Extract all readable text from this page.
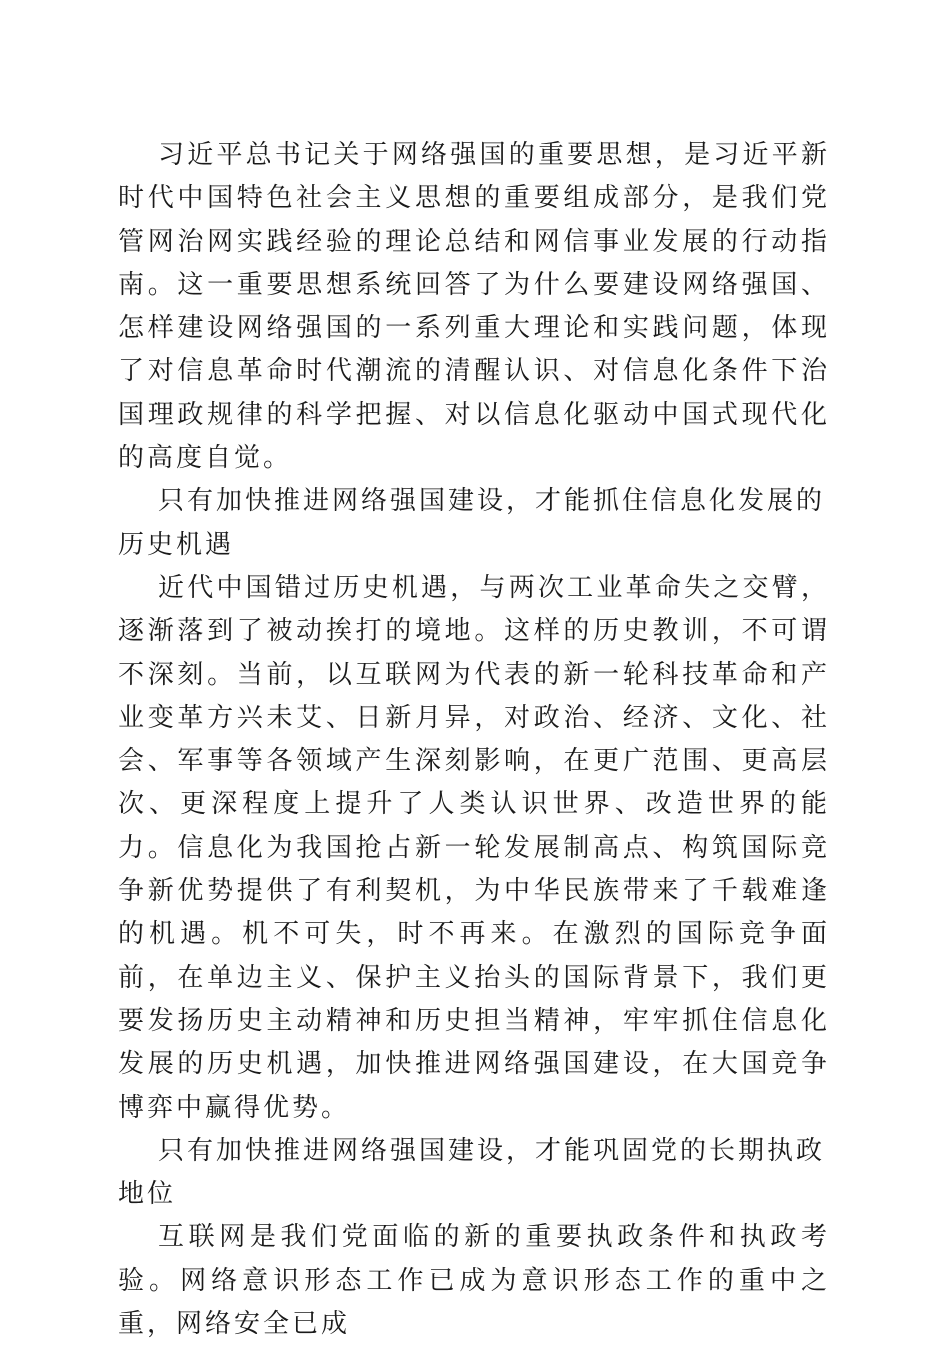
习近平总书记关于网络强国的重要思想，是习近平新时代中国特色社会主义思想的重要组成部分，是我们党管网治网实践经验的理论总结和网信事业发展的行动指南。这一重要思想系统回答了为什么要建设网络强国、怎样建设网络强国的一系列重大理论和实践问题，体现了对信息革命时代潮流的清醒认识、对信息化条件下治国理政规律的科学把握、对以信息化驱动中国式现代化的高度自觉。

只有加快推进网络强国建设，才能抓住信息化发展的历史机遇

近代中国错过历史机遇，与两次工业革命失之交臂，逐渐落到了被动挨打的境地。这样的历史教训，不可谓不深刻。当前，以互联网为代表的新一轮科技革命和产业变革方兴未艾、日新月异，对政治、经济、文化、社会、军事等各领域产生深刻影响，在更广范围、更高层次、更深程度上提升了人类认识世界、改造世界的能力。信息化为我国抢占新一轮发展制高点、构筑国际竞争新优势提供了有利契机，为中华民族带来了千载难逢的机遇。机不可失，时不再来。在激烈的国际竞争面前，在单边主义、保护主义抬头的国际背景下，我们更要发扬历史主动精神和历史担当精神，牢牢抓住信息化发展的历史机遇，加快推进网络强国建设，在大国竞争博弈中赢得优势。

只有加快推进网络强国建设，才能巩固党的长期执政地位

互联网是我们党面临的新的重要执政条件和执政考验。网络意识形态工作已成为意识形态工作的重中之重，网络安全已成
